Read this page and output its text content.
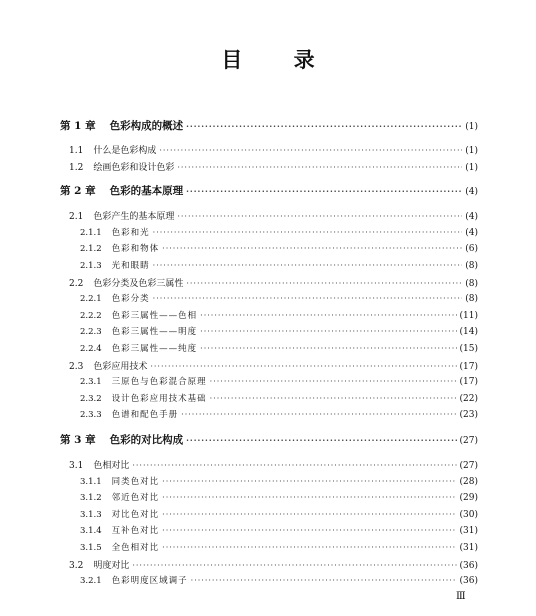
目 录
第 1 章 色彩构成的概述 ·····	(1)
1.1 什么是色彩构成 ·····	(1)
1.2 绘画色彩和设计色彩 ·····	(1)
第 2 章 色彩的基本原理 ·····	(4)
2.1 色彩产生的基本原理 ·····	(4)
2.1.1 色彩和光 ·····	(4)
2.1.2 色彩和物体 ·····	(6)
2.1.3 光和眼睛 ·····	(8)
2.2 色彩分类及色彩三属性 ·····	(8)
2.2.1 色彩分类 ·····	(8)
2.2.2 色彩三属性——色相 ·····	(11)
2.2.3 色彩三属性——明度 ·····	(14)
2.2.4 色彩三属性——纯度 ·····	(15)
2.3 色彩应用技术 ·····	(17)
2.3.1 三原色与色彩混合原理 ·····	(17)
2.3.2 设计色彩应用技术基础 ·····	(22)
2.3.3 色谱和配色手册 ·····	(23)
第 3 章 色彩的对比构成 ·····	(27)
3.1 色相对比 ·····	(27)
3.1.1 同类色对比 ·····	(28)
3.1.2 邻近色对比 ·····	(29)
3.1.3 对比色对比 ·····	(30)
3.1.4 互补色对比 ·····	(31)
3.1.5 全色相对比 ·····	(31)
3.2 明度对比 ·····	(36)
3.2.1 色彩明度区域调子 ·····	(36)
Ⅲ
